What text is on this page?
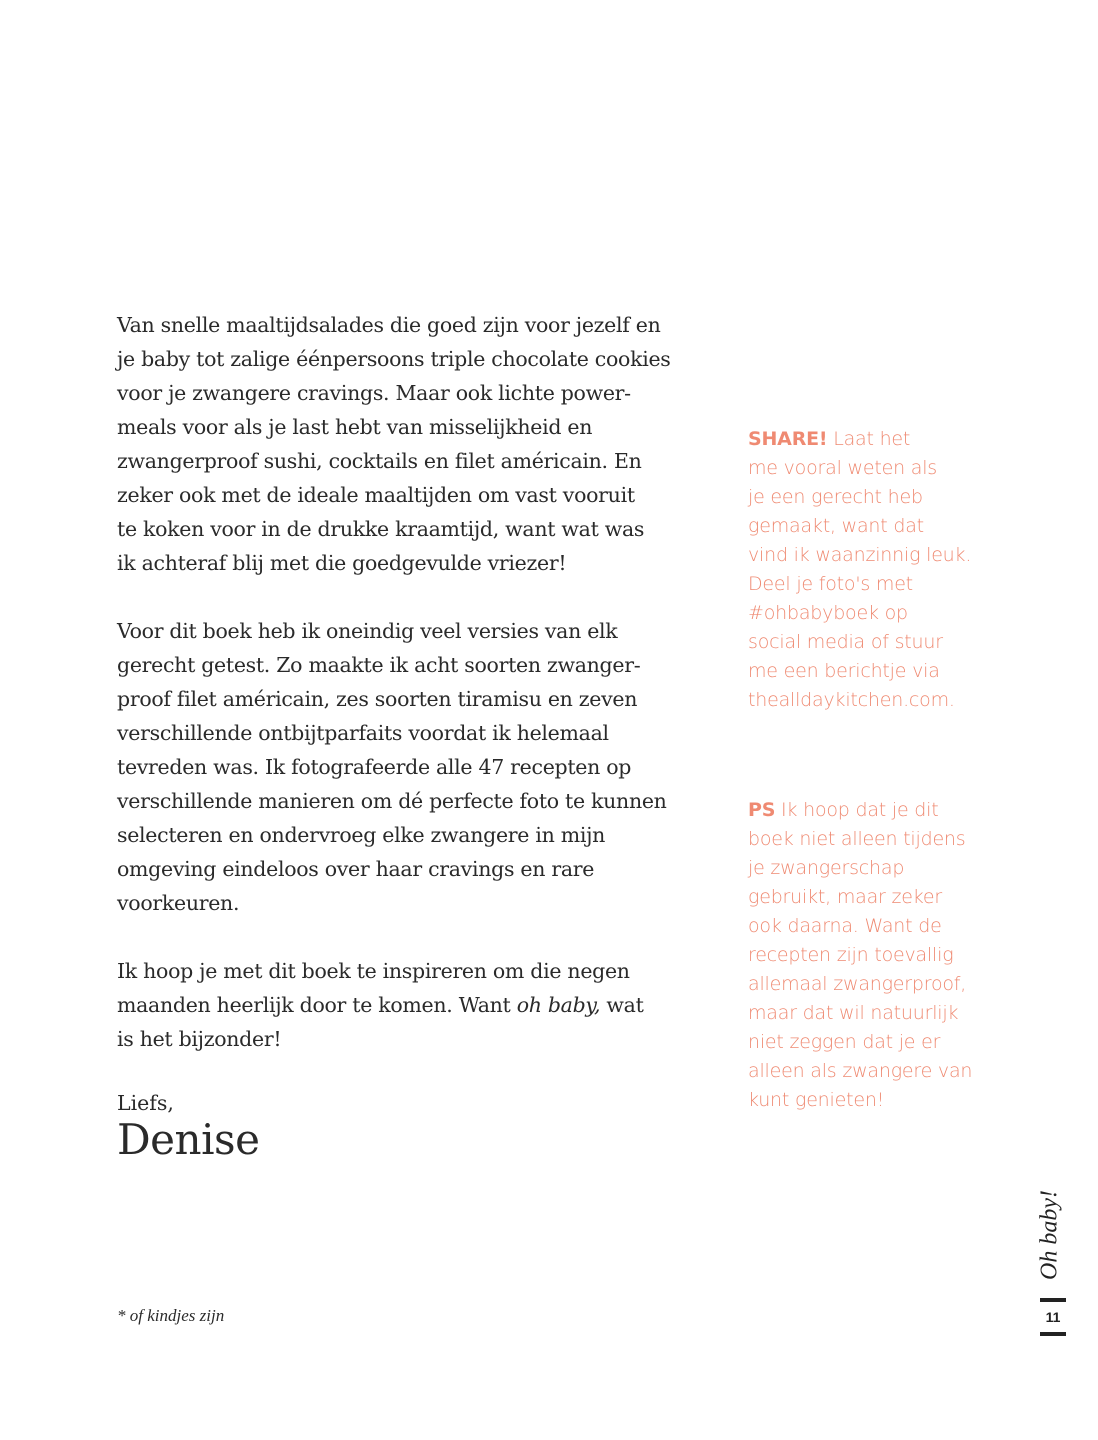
Van snelle maaltijdsalades die goed zijn voor jezelf en
je baby tot zalige éénpersoons triple chocolate cookies
voor je zwangere cravings. Maar ook lichte power-
meals voor als je last hebt van misselijkheid en
zwangerproof sushi, cocktails en filet américain. En
zeker ook met de ideale maaltijden om vast vooruit
te koken voor in de drukke kraamtijd, want wat was
ik achteraf blij met die goedgevulde vriezer!

Voor dit boek heb ik oneindig veel versies van elk
gerecht getest. Zo maakte ik acht soorten zwanger-
proof filet américain, zes soorten tiramisu en zeven
verschillende ontbijtparfaits voordat ik helemaal
tevreden was. Ik fotografeerde alle 47 recepten op
verschillende manieren om dé perfecte foto te kunnen
selecteren en ondervroeg elke zwangere in mijn
omgeving eindeloos over haar cravings en rare
voorkeuren.

Ik hoop je met dit boek te inspireren om die negen
maanden heerlijk door te komen. Want oh baby, wat
is het bijzonder!

Liefs,
Denise
* of kindjes zijn
SHARE! Laat het
me vooral weten als
je een gerecht heb
gemaakt, want dat
vind ik waanzinnig leuk.
Deel je foto's met
#ohbabyboek op
social media of stuur
me een berichtje via
thealldaykitchen.com.
PS Ik hoop dat je dit
boek niet alleen tijdens
je zwangerschap
gebruikt, maar zeker
ook daarna. Want de
recepten zijn toevallig
allemaal zwangerproof,
maar dat wil natuurlijk
niet zeggen dat je er
alleen als zwangere van
kunt genieten!
Oh baby!
11
